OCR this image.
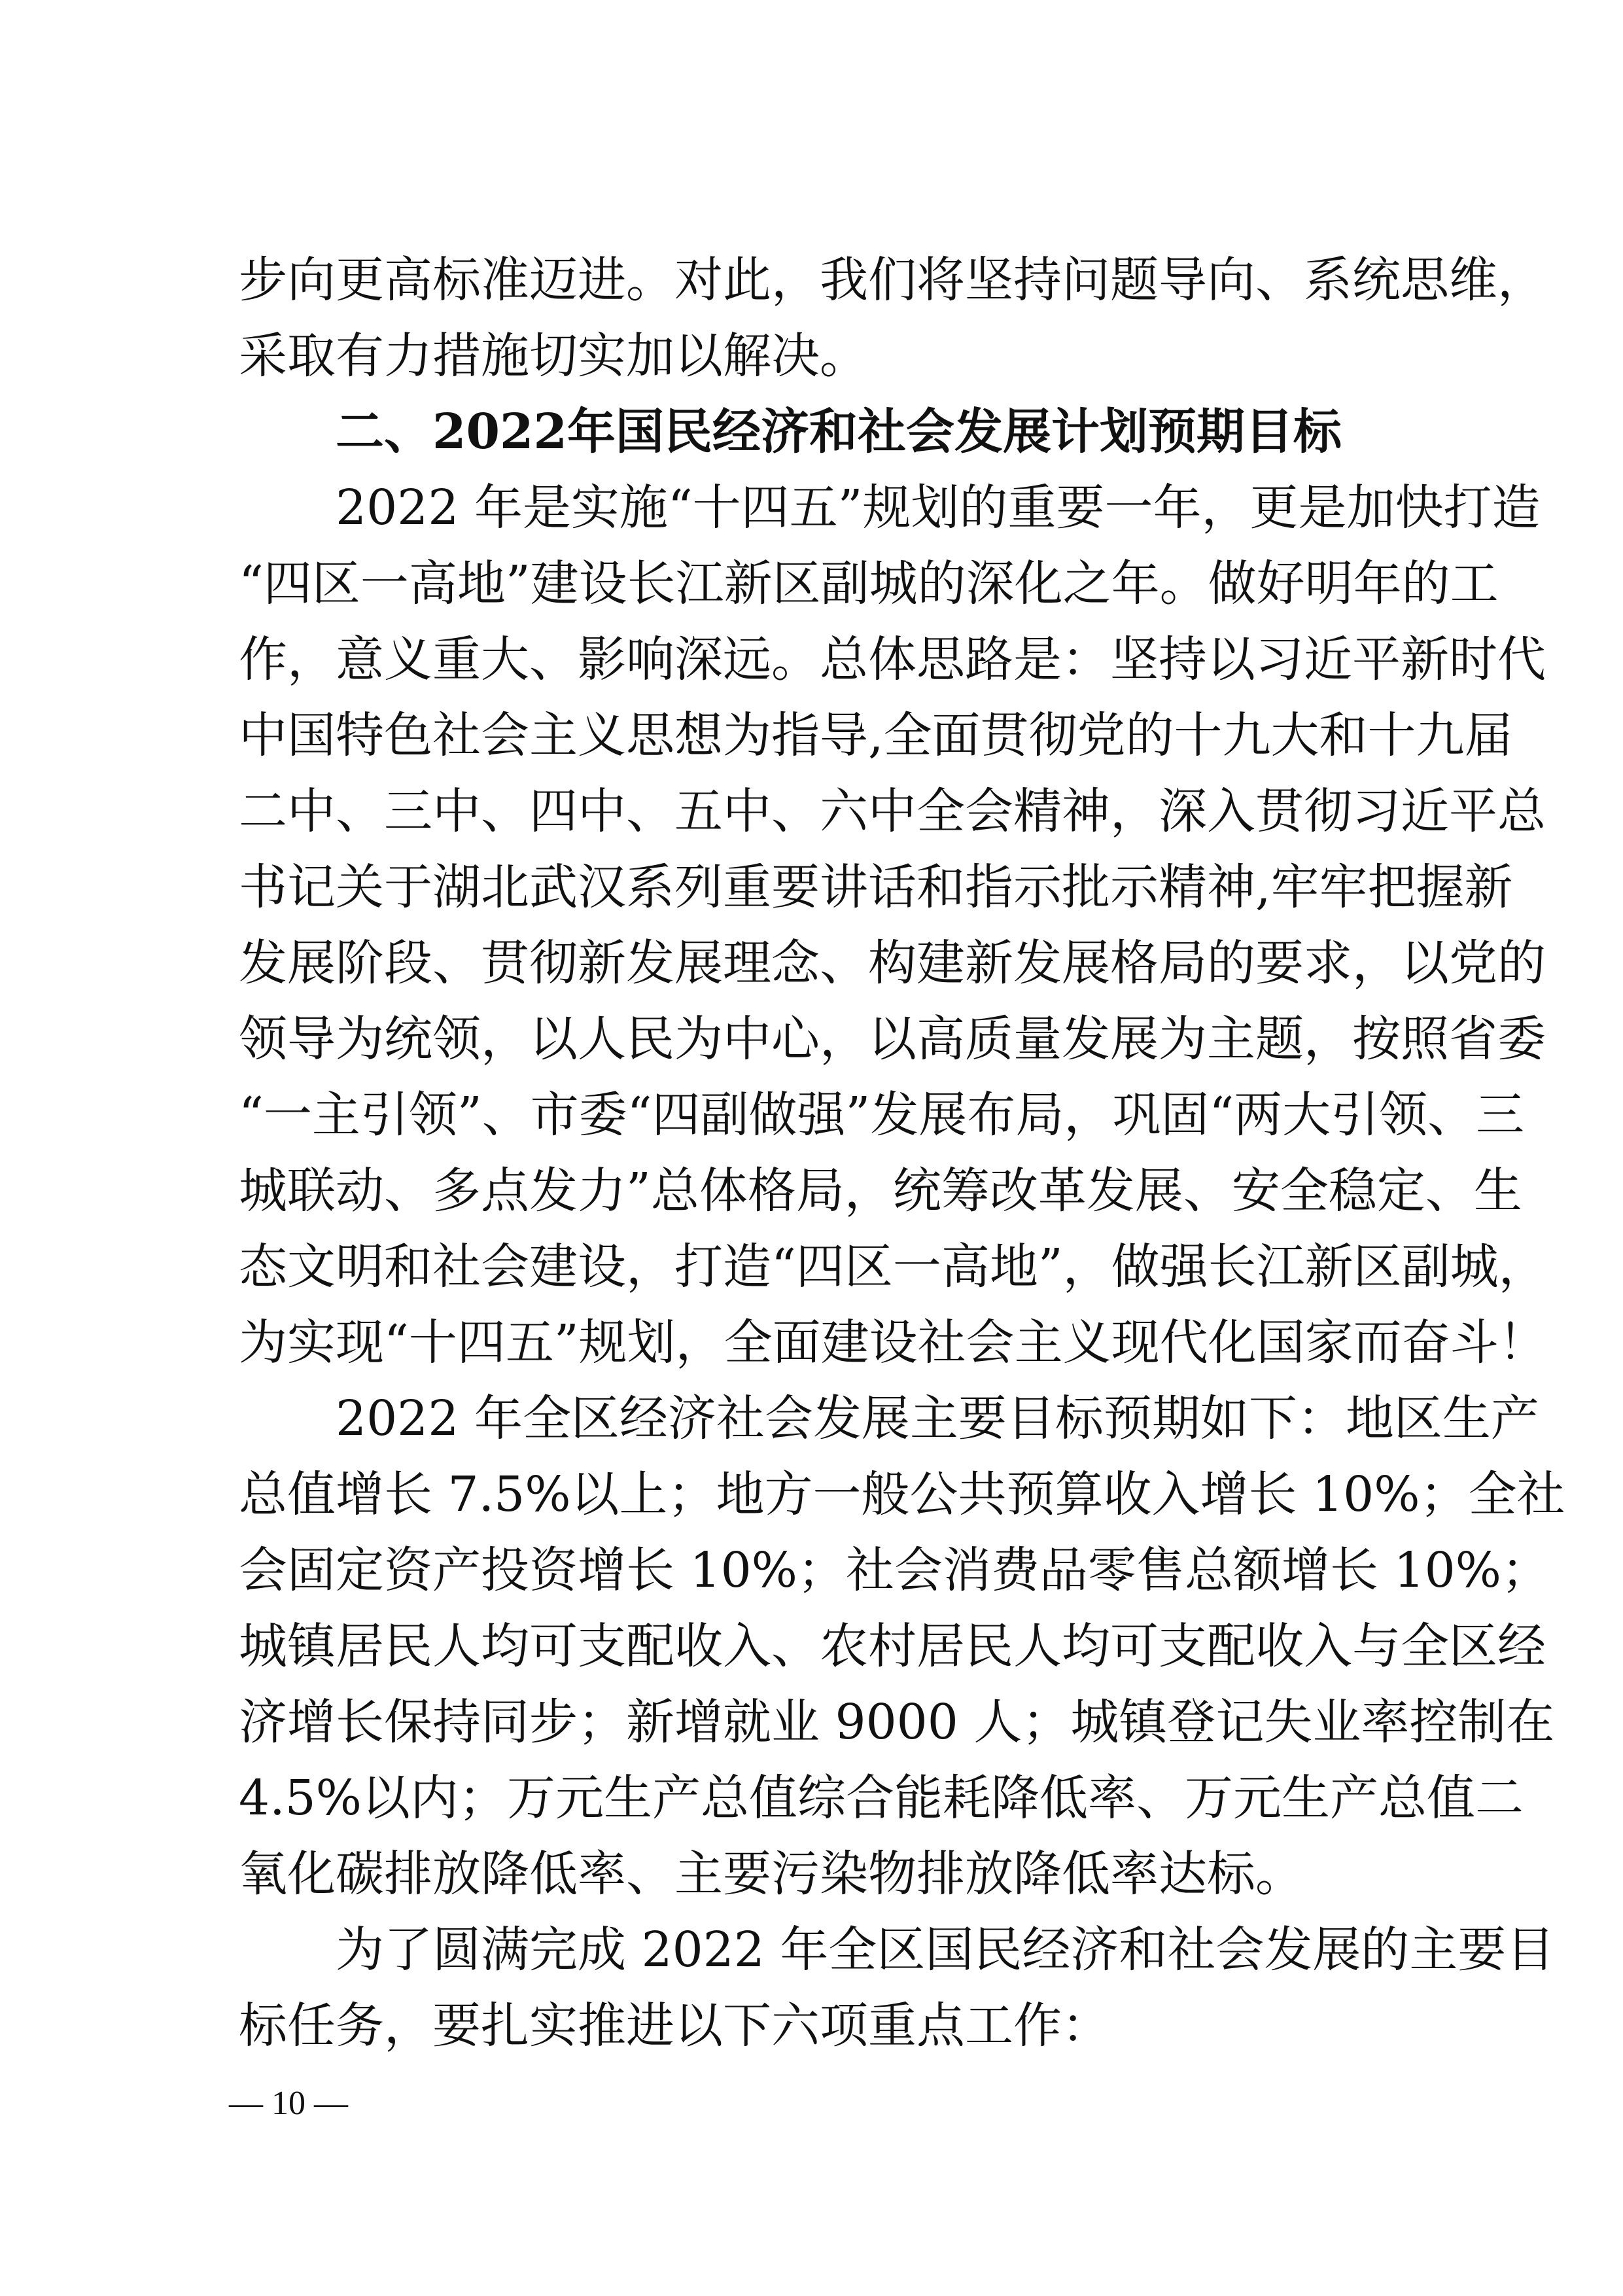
步向更高标准迈进。对此，我们将坚持问题导向、系统思维，
采取有力措施切实加以解决。
　　二、2022年国民经济和社会发展计划预期目标
　　2022 年是实施“十四五”规划的重要一年，更是加快打造
“四区一高地”建设长江新区副城的深化之年。做好明年的工
作，意义重大、影响深远。总体思路是：坚持以习近平新时代
中国特色社会主义思想为指导,全面贯彻党的十九大和十九届
二中、三中、四中、五中、六中全会精神，深入贯彻习近平总
书记关于湖北武汉系列重要讲话和指示批示精神,牢牢把握新
发展阶段、贯彻新发展理念、构建新发展格局的要求，以党的
领导为统领，以人民为中心，以高质量发展为主题，按照省委
“一主引领”、市委“四副做强”发展布局，巩固“两大引领、三
城联动、多点发力”总体格局，统筹改革发展、安全稳定、生
态文明和社会建设，打造“四区一高地”，做强长江新区副城，
为实现“十四五”规划，全面建设社会主义现代化国家而奋斗！
　　2022 年全区经济社会发展主要目标预期如下：地区生产
总值增长 7.5%以上；地方一般公共预算收入增长 10%；全社
会固定资产投资增长 10%；社会消费品零售总额增长 10%；
城镇居民人均可支配收入、农村居民人均可支配收入与全区经
济增长保持同步；新增就业 9000 人；城镇登记失业率控制在
4.5%以内；万元生产总值综合能耗降低率、万元生产总值二
氧化碳排放降低率、主要污染物排放降低率达标。
　　为了圆满完成 2022 年全区国民经济和社会发展的主要目
标任务，要扎实推进以下六项重点工作：
— 10 —
